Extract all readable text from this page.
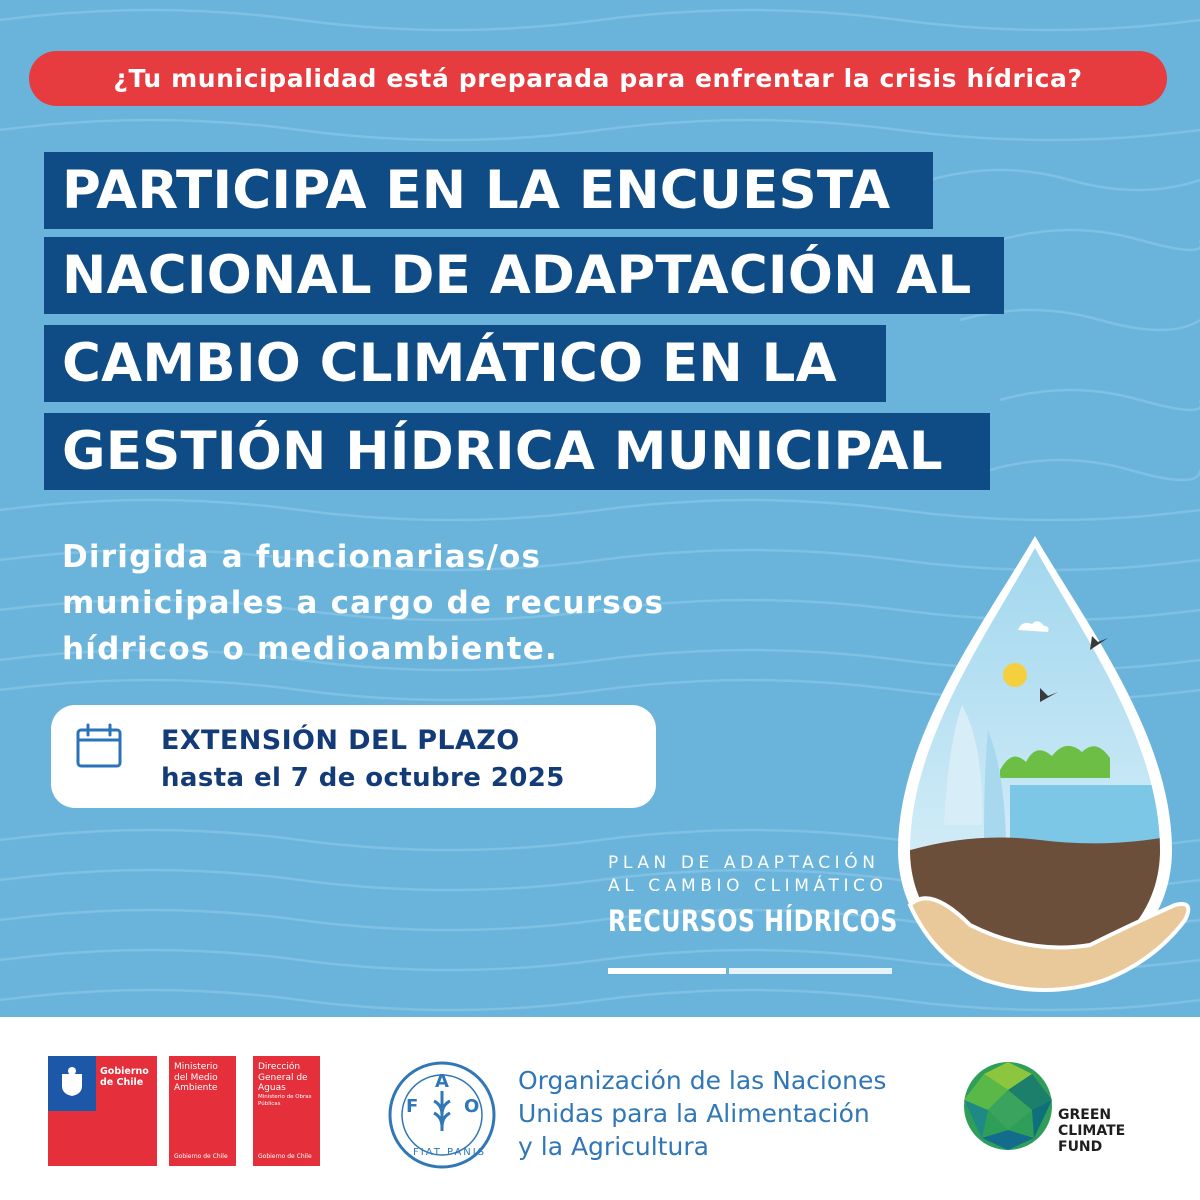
¿Tu municipalidad está preparada para enfrentar la crisis hídrica?
PARTICIPA EN LA ENCUESTA
NACIONAL DE ADAPTACIÓN AL
CAMBIO CLIMÁTICO EN LA
GESTIÓN HÍDRICA MUNICIPAL
Dirigida a funcionarias/os
municipales a cargo de recursos
hídricos o medioambiente.
EXTENSIÓN DEL PLAZO
hasta el 7 de octubre 2025
PLAN DE ADAPTACIÓN
AL CAMBIO CLIMÁTICO
RECURSOS HÍDRICOS
Gobierno de Chile
Ministerio del Medio Ambiente
Gobierno de Chile
Dirección General de Aguas
Ministerio de Obras Públicas
Gobierno de Chile
F
A
O
FIAT PANIS
Organización de las Naciones
Unidas para la Alimentación
y la Agricultura
GREEN
CLIMATE
FUND
